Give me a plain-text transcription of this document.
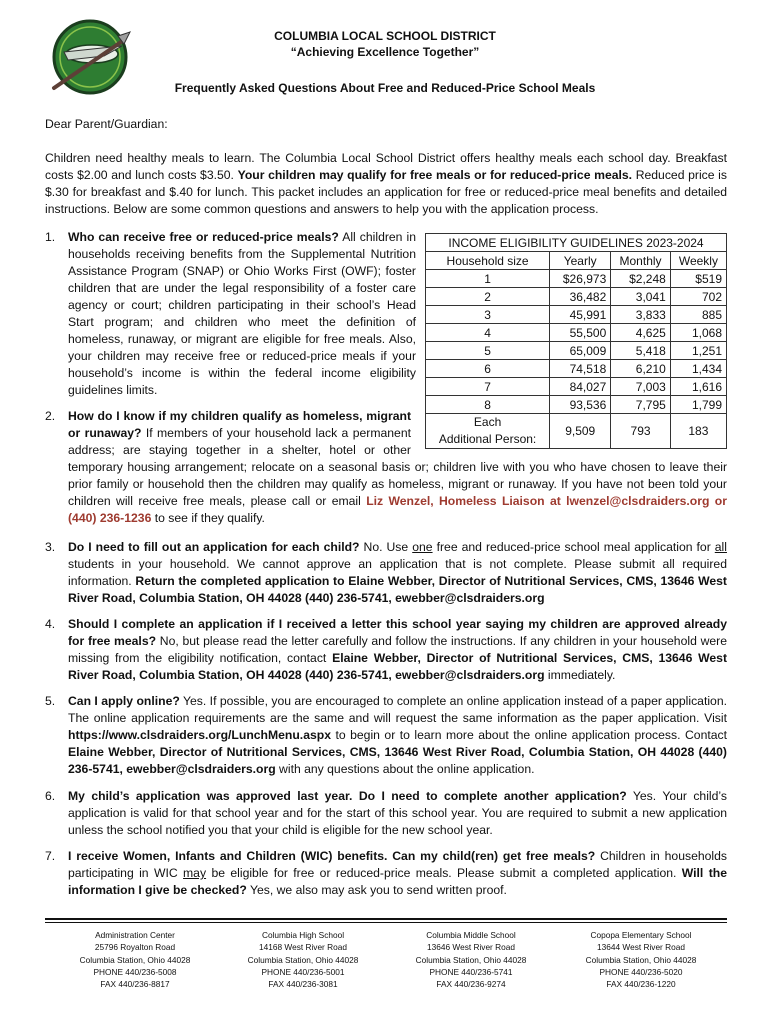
COLUMBIA LOCAL SCHOOL DISTRICT
“Achieving Excellence Together”
Frequently Asked Questions About Free and Reduced-Price School Meals
Dear Parent/Guardian:
Children need healthy meals to learn. The Columbia Local School District offers healthy meals each school day. Breakfast costs $2.00 and lunch costs $3.50. Your children may qualify for free meals or for reduced-price meals. Reduced price is $.30 for breakfast and $.40 for lunch. This packet includes an application for free or reduced-price meal benefits and detailed instructions. Below are some common questions and answers to help you with the application process.
INCOME ELIGIBILITY GUIDELINES 2023-2024			
Household size	Yearly	Monthly	Weekly
1	$26,973	$2,248	$519
2	36,482	3,041	702
3	45,991	3,833	885
4	55,500	4,625	1,068
5	65,009	5,418	1,251
6	74,518	6,210	1,434
7	84,027	7,003	1,616
8	93,536	7,795	1,799
Each
Additional Person:	9,509	793	183
1. Who can receive free or reduced-price meals? All children in households receiving benefits from the Supplemental Nutrition Assistance Program (SNAP) or Ohio Works First (OWF); foster children that are under the legal responsibility of a foster care agency or court; children participating in their school’s Head Start program; and children who meet the definition of homeless, runaway, or migrant are eligible for free meals. Also, your children may receive free or reduced-price meals if your household’s income is within the federal income eligibility guidelines limits.
2. How do I know if my children qualify as homeless, migrant or runaway? If members of your household lack a permanent address; are staying together in a shelter, hotel or other temporary housing arrangement; relocate on a seasonal basis or; children live with you who have chosen to leave their prior family or household then the children may qualify as homeless, migrant or runaway. If you have not been told your children will receive free meals, please call or email Liz Wenzel, Homeless Liaison at lwenzel@clsdraiders.org or (440) 236-1236 to see if they qualify.
3. Do I need to fill out an application for each child? No. Use one free and reduced-price school meal application for all students in your household. We cannot approve an application that is not complete. Please submit all required information. Return the completed application to Elaine Webber, Director of Nutritional Services, CMS, 13646 West River Road, Columbia Station, OH 44028 (440) 236-5741, ewebber@clsdraiders.org
4. Should I complete an application if I received a letter this school year saying my children are approved already for free meals? No, but please read the letter carefully and follow the instructions. If any children in your household were missing from the eligibility notification, contact Elaine Webber, Director of Nutritional Services, CMS, 13646 West River Road, Columbia Station, OH 44028 (440) 236-5741, ewebber@clsdraiders.org immediately.
5. Can I apply online? Yes. If possible, you are encouraged to complete an online application instead of a paper application. The online application requirements are the same and will request the same information as the paper application. Visit https://www.clsdraiders.org/LunchMenu.aspx to begin or to learn more about the online application process. Contact Elaine Webber, Director of Nutritional Services, CMS, 13646 West River Road, Columbia Station, OH 44028 (440) 236-5741, ewebber@clsdraiders.org with any questions about the online application.
6. My child’s application was approved last year. Do I need to complete another application? Yes. Your child’s application is valid for that school year and for the start of this school year. You are required to submit a new application unless the school notified you that your child is eligible for the new school year.
7. I receive Women, Infants and Children (WIC) benefits. Can my child(ren) get free meals? Children in households participating in WIC may be eligible for free or reduced-price meals. Please submit a completed application. Will the information I give be checked? Yes, we also may ask you to send written proof.
Administration Center
25796 Royalton Road
Columbia Station, Ohio 44028
PHONE 440/236-5008
FAX 440/236-8817
Columbia High School
14168 West River Road
Columbia Station, Ohio 44028
PHONE 440/236-5001
FAX 440/236-3081
Columbia Middle School
13646 West River Road
Columbia Station, Ohio 44028
PHONE 440/236-5741
FAX 440/236-9274
Copopa Elementary School
13644 West River Road
Columbia Station, Ohio 44028
PHONE 440/236-5020
FAX 440/236-1220
